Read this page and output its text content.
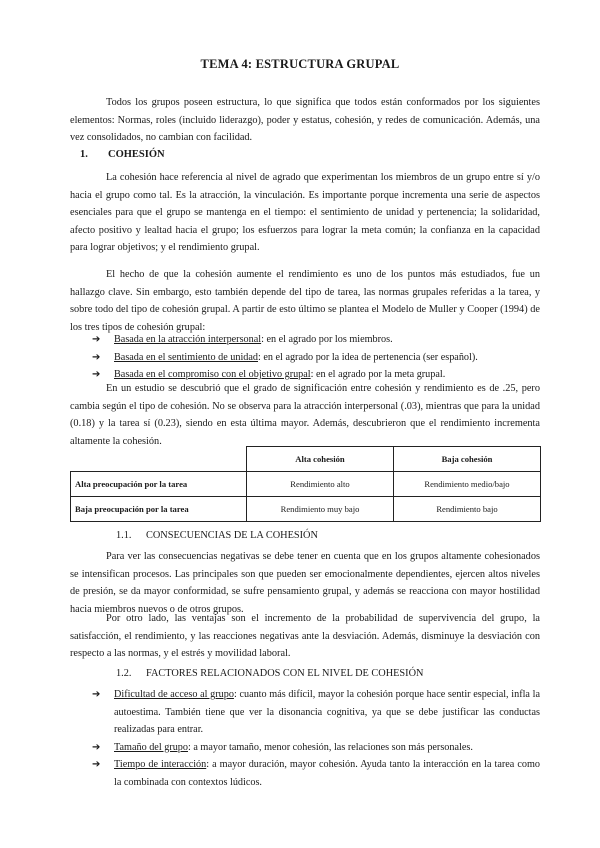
TEMA 4: ESTRUCTURA GRUPAL

Todos los grupos poseen estructura, lo que significa que todos están conformados por los siguientes elementos: Normas, roles (incluido liderazgo), poder y estatus, cohesión, y redes de comunicación. Además, una vez consolidados, no cambian con facilidad.

1. COHESIÓN

La cohesión hace referencia al nivel de agrado que experimentan los miembros de un grupo entre sí y/o hacia el grupo como tal. Es la atracción, la vinculación. Es importante porque incrementa una serie de aspectos esenciales para que el grupo se mantenga en el tiempo: el sentimiento de unidad y pertenencia; la solidaridad, afecto positivo y lealtad hacia el grupo; los esfuerzos para lograr la meta común; la confianza en la capacidad para lograr objetivos; y el rendimiento grupal.

El hecho de que la cohesión aumente el rendimiento es uno de los puntos más estudiados, fue un hallazgo clave. Sin embargo, esto también depende del tipo de tarea, las normas grupales referidas a la tarea, y sobre todo del tipo de cohesión grupal. A partir de esto último se plantea el Modelo de Muller y Cooper (1994) de los tres tipos de cohesión grupal:

➔ Basada en la atracción interpersonal: en el agrado por los miembros.
➔ Basada en el sentimiento de unidad: en el agrado por la idea de pertenencia (ser español).
➔ Basada en el compromiso con el objetivo grupal: en el agrado por la meta grupal.

En un estudio se descubrió que el grado de significación entre cohesión y rendimiento es de .25, pero cambia según el tipo de cohesión. No se observa para la atracción interpersonal (.03), mientras que para la unidad (0.18) y la tarea sí (0.23), siendo en esta última mayor. Además, descubrieron que el rendimiento incrementa altamente la cohesión.

	Alta cohesión	Baja cohesión
Alta preocupación por la tarea	Rendimiento alto	Rendimiento medio/bajo
Baja preocupación por la tarea	Rendimiento muy bajo	Rendimiento bajo
1.1. CONSECUENCIAS DE LA COHESIÓN

Para ver las consecuencias negativas se debe tener en cuenta que en los grupos altamente cohesionados se intensifican procesos. Las principales son que pueden ser emocionalmente dependientes, ejercen altos niveles de presión, se da mayor conformidad, se sufre pensamiento grupal, y además se reacciona con mayor hostilidad hacia miembros nuevos o de otros grupos.

Por otro lado, las ventajas son el incremento de la probabilidad de supervivencia del grupo, la satisfacción, el rendimiento, y las reacciones negativas ante la desviación. Además, disminuye la desviación con respecto a las normas, y el estrés y movilidad laboral.

1.2. FACTORES RELACIONADOS CON EL NIVEL DE COHESIÓN
➔ Dificultad de acceso al grupo: cuanto más difícil, mayor la cohesión porque hace sentir especial, infla la autoestima. También tiene que ver la disonancia cognitiva, ya que se debe justificar las conductas realizadas para entrar.
➔ Tamaño del grupo: a mayor tamaño, menor cohesión, las relaciones son más personales.
➔ Tiempo de interacción: a mayor duración, mayor cohesión. Ayuda tanto la interacción en la tarea como la combinada con contextos lúdicos.
